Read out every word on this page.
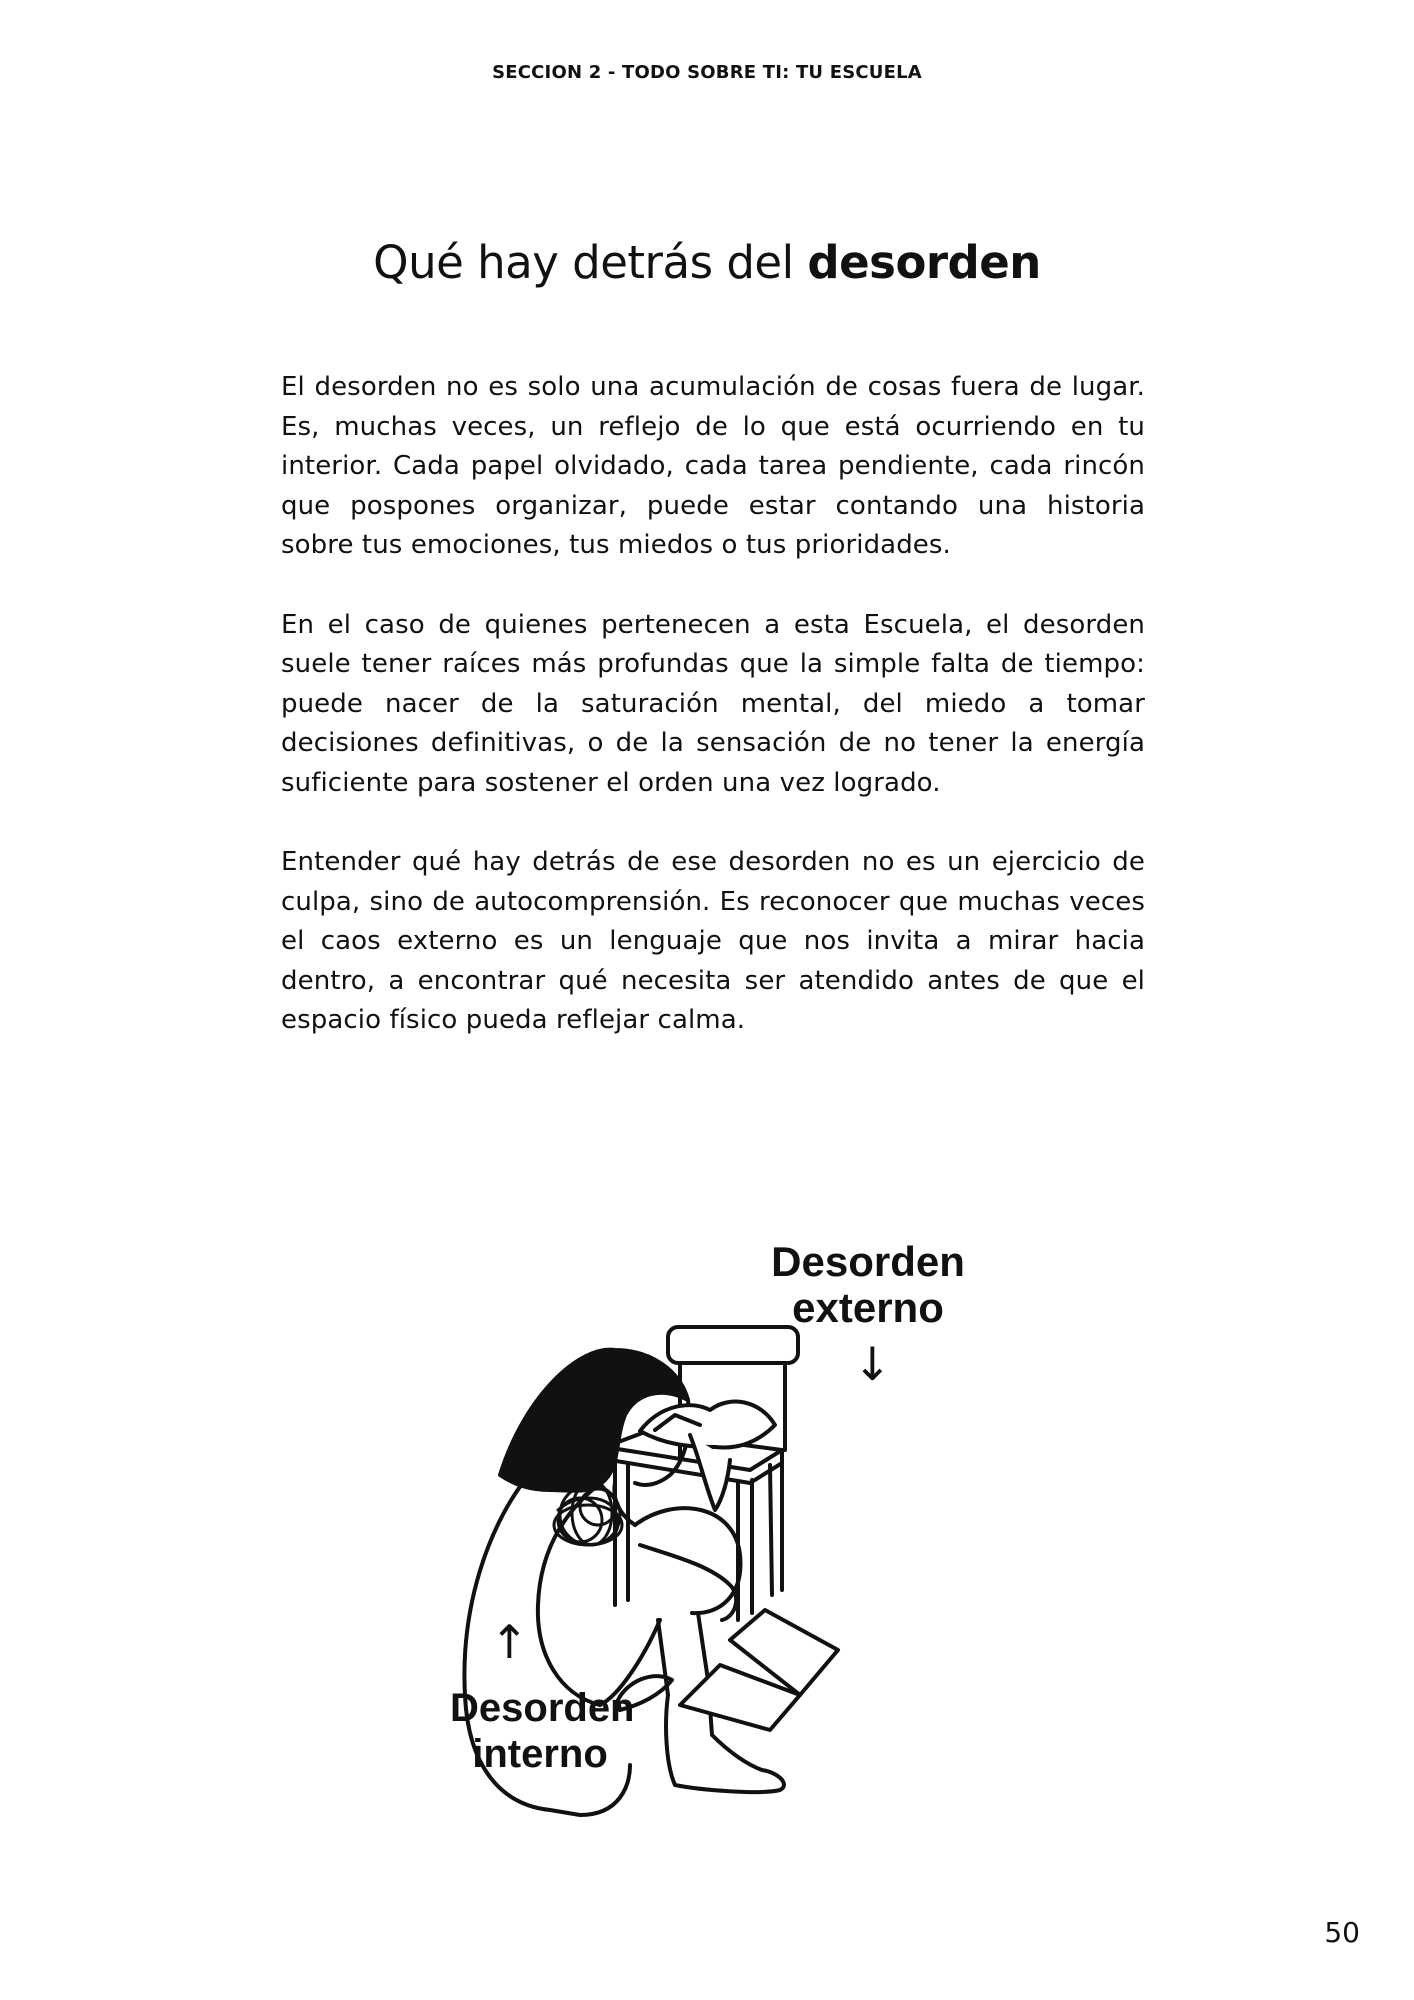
SECCION 2 - TODO SOBRE TI: TU ESCUELA
Qué hay detrás del desorden

El desorden no es solo una acumulación de cosas fuera de lugar. Es, muchas veces, un reflejo de lo que está ocurriendo en tu interior. Cada papel olvidado, cada tarea pendiente, cada rincón que pospones organizar, puede estar contando una historia sobre tus emociones, tus miedos o tus prioridades.

En el caso de quienes pertenecen a esta Escuela, el desorden suele tener raíces más profundas que la simple falta de tiempo: puede nacer de la saturación mental, del miedo a tomar decisiones definitivas, o de la sensación de no tener la energía suficiente para sostener el orden una vez logrado.

Entender qué hay detrás de ese desorden no es un ejercicio de culpa, sino de autocomprensión. Es reconocer que muchas veces el caos externo es un lenguaje que nos invita a mirar hacia dentro, a encontrar qué necesita ser atendido antes de que el espacio físico pueda reflejar calma.

Desorden
externo
↓
↑
Desorden
interno
50
